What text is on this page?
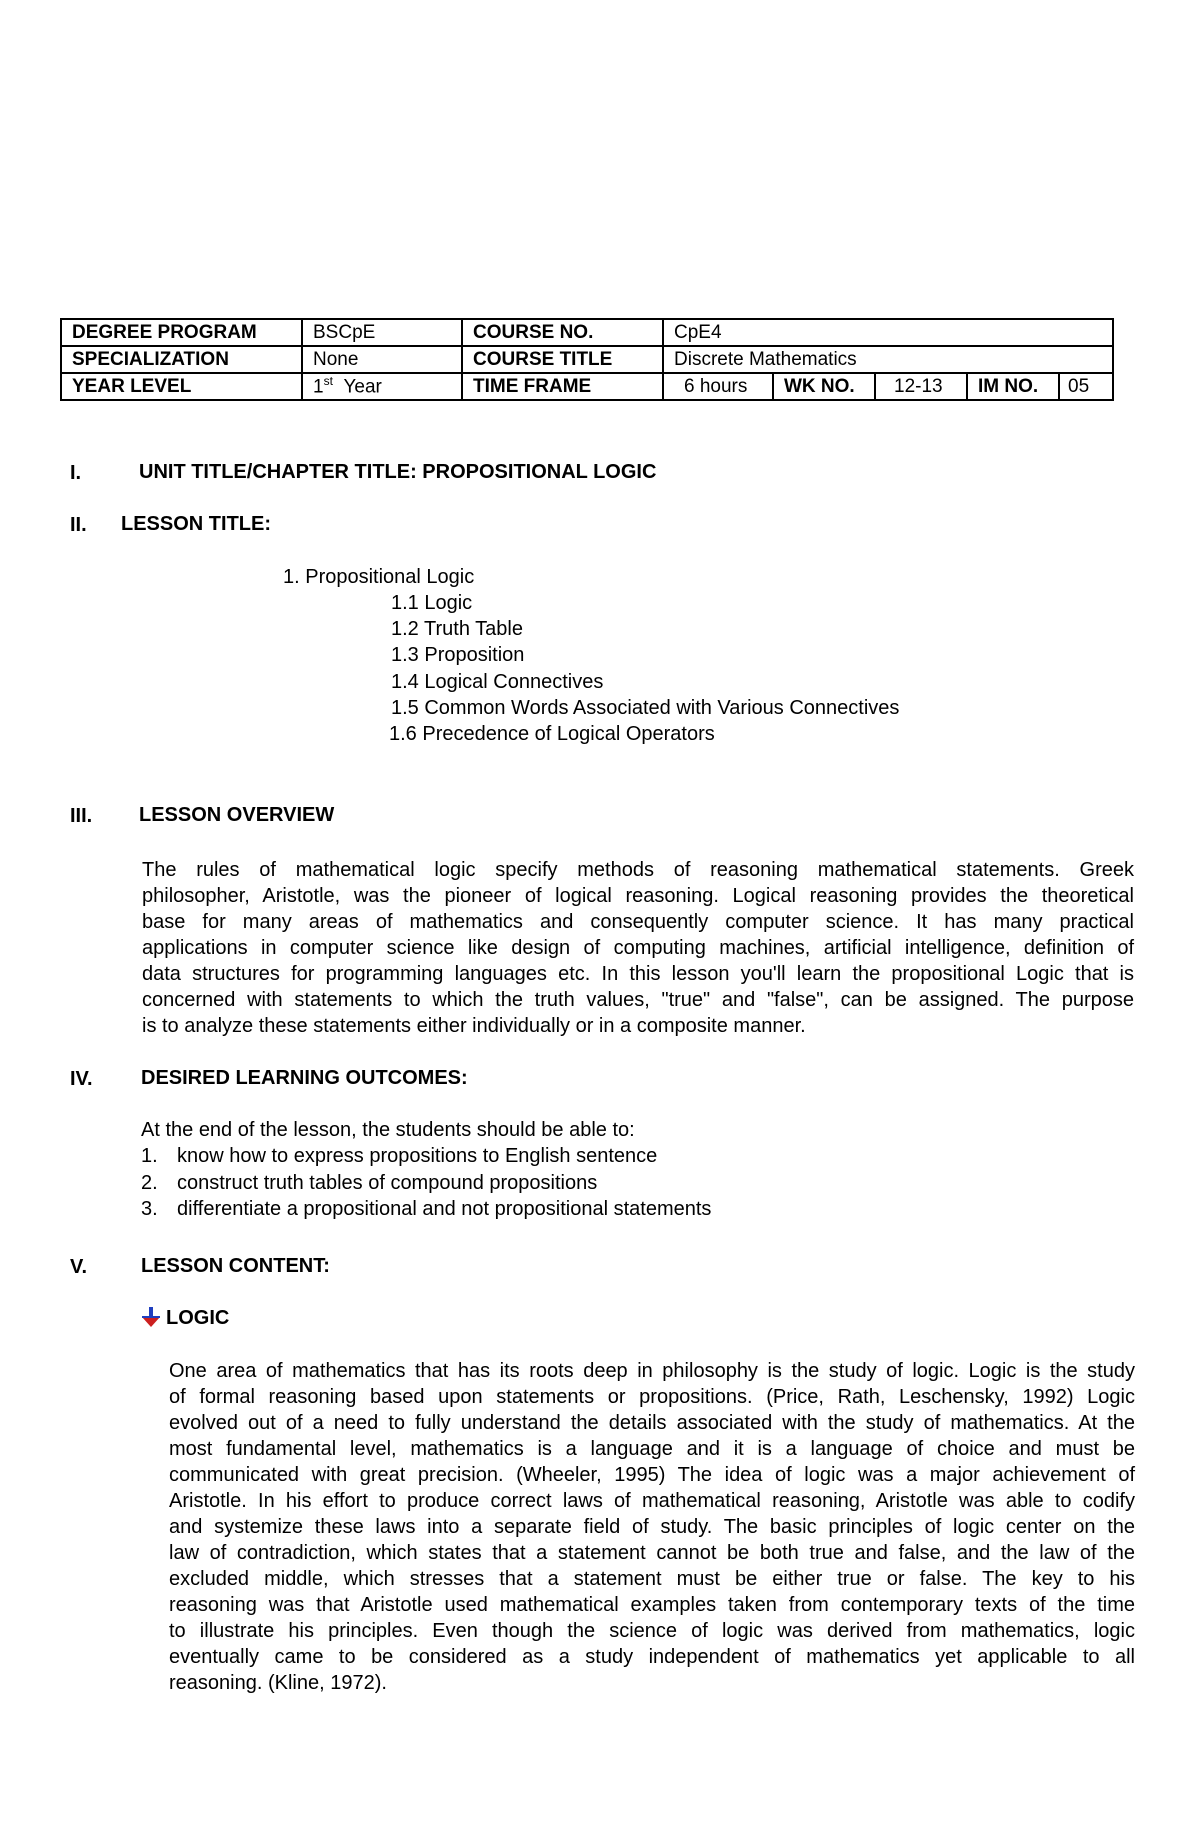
DEGREE PROGRAM	BSCpE	COURSE NO.	CpE4				
SPECIALIZATION	None	COURSE TITLE	Discrete Mathematics				
YEAR LEVEL	1st Year	TIME FRAME	6 hours	WK NO.	12-13	IM NO.	05
I.	UNIT TITLE/CHAPTER TITLE: PROPOSITIONAL LOGIC
II. LESSON TITLE:
1. Propositional Logic
1.1 Logic
1.2 Truth Table
1.3 Proposition
1.4 Logical Connectives
1.5 Common Words Associated with Various Connectives
1.6 Precedence of Logical Operators
III. LESSON OVERVIEW
The rules of mathematical logic specify methods of reasoning mathematical statements. Greek
philosopher, Aristotle, was the pioneer of logical reasoning. Logical reasoning provides the theoretical
base for many areas of mathematics and consequently computer science. It has many practical
applications in computer science like design of computing machines, artificial intelligence, definition of
data structures for programming languages etc. In this lesson you'll learn the propositional Logic that is
concerned with statements to which the truth values, "true" and "false", can be assigned. The purpose
is to analyze these statements either individually or in a composite manner.
IV. DESIRED LEARNING OUTCOMES:
At the end of the lesson, the students should be able to:
1. know how to express propositions to English sentence
2. construct truth tables of compound propositions
3. differentiate a propositional and not propositional statements
V.	LESSON CONTENT:
LOGIC
One area of mathematics that has its roots deep in philosophy is the study of logic. Logic is the study
of formal reasoning based upon statements or propositions. (Price, Rath, Leschensky, 1992) Logic
evolved out of a need to fully understand the details associated with the study of mathematics. At the
most fundamental level, mathematics is a language and it is a language of choice and must be
communicated with great precision. (Wheeler, 1995) The idea of logic was a major achievement of
Aristotle. In his effort to produce correct laws of mathematical reasoning, Aristotle was able to codify
and systemize these laws into a separate field of study. The basic principles of logic center on the
law of contradiction, which states that a statement cannot be both true and false, and the law of the
excluded middle, which stresses that a statement must be either true or false. The key to his
reasoning was that Aristotle used mathematical examples taken from contemporary texts of the time
to illustrate his principles. Even though the science of logic was derived from mathematics, logic
eventually came to be considered as a study independent of mathematics yet applicable to all
reasoning. (Kline, 1972).
